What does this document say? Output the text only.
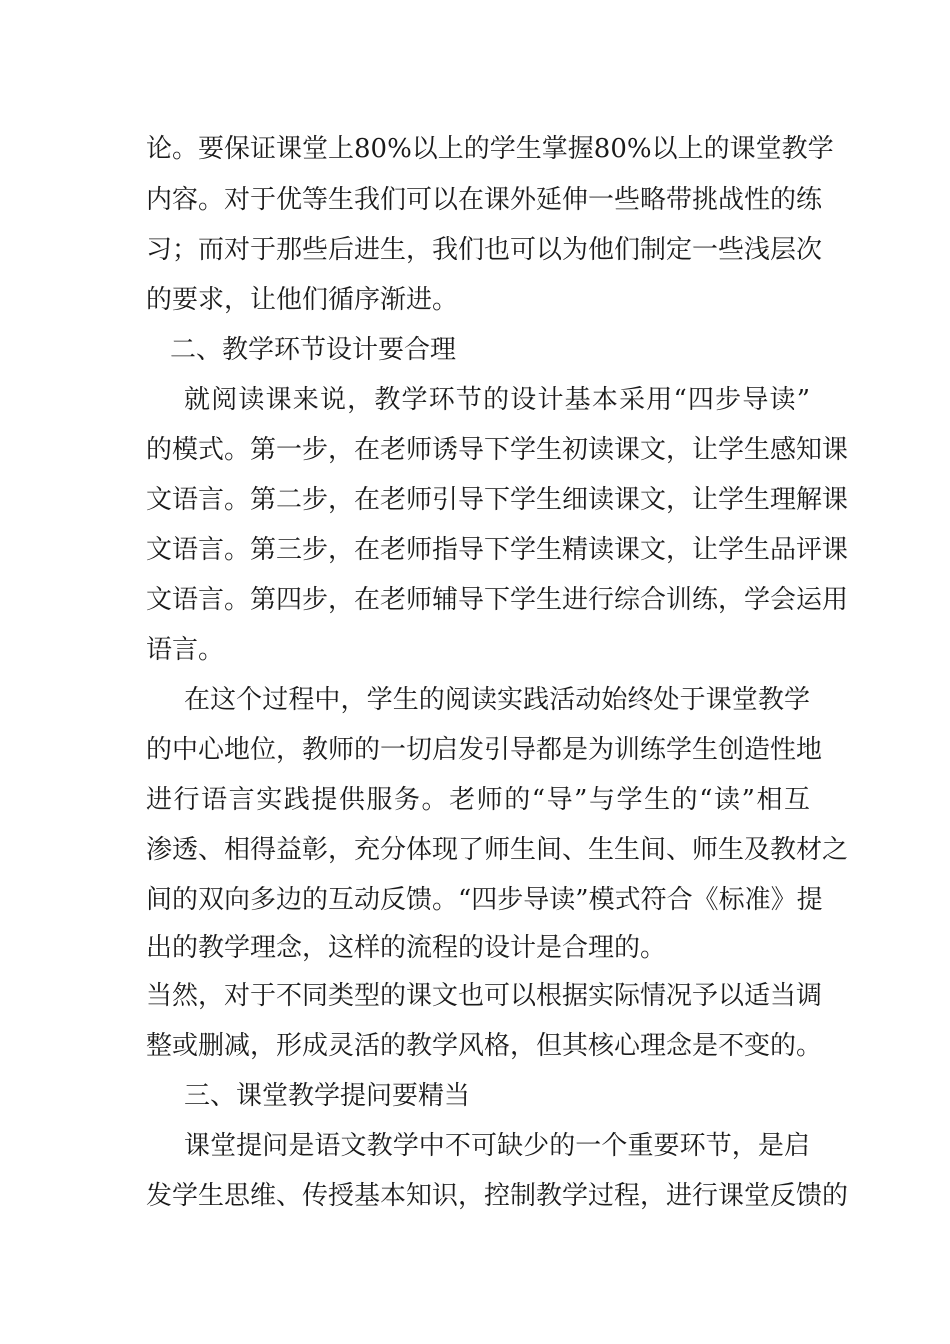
论。要保证课堂上80%以上的学生掌握80%以上的课堂教学
内容。对于优等生我们可以在课外延伸一些略带挑战性的练
习；而对于那些后进生，我们也可以为他们制定一些浅层次
的要求，让他们循序渐进。
二、教学环节设计要合理
就阅读课来说，教学环节的设计基本采用“四步导读”
的模式。第一步，在老师诱导下学生初读课文，让学生感知课
文语言。第二步，在老师引导下学生细读课文，让学生理解课
文语言。第三步，在老师指导下学生精读课文，让学生品评课
文语言。第四步，在老师辅导下学生进行综合训练，学会运用
语言。
在这个过程中，学生的阅读实践活动始终处于课堂教学
的中心地位，教师的一切启发引导都是为训练学生创造性地
进行语言实践提供服务。老师的“导”与学生的“读”相互
渗透、相得益彰，充分体现了师生间、生生间、师生及教材之
间的双向多边的互动反馈。“四步导读”模式符合《标准》提
出的教学理念，这样的流程的设计是合理的。
当然，对于不同类型的课文也可以根据实际情况予以适当调
整或删减，形成灵活的教学风格，但其核心理念是不变的。
三、课堂教学提问要精当
课堂提问是语文教学中不可缺少的一个重要环节，是启
发学生思维、传授基本知识，控制教学过程，进行课堂反馈的
